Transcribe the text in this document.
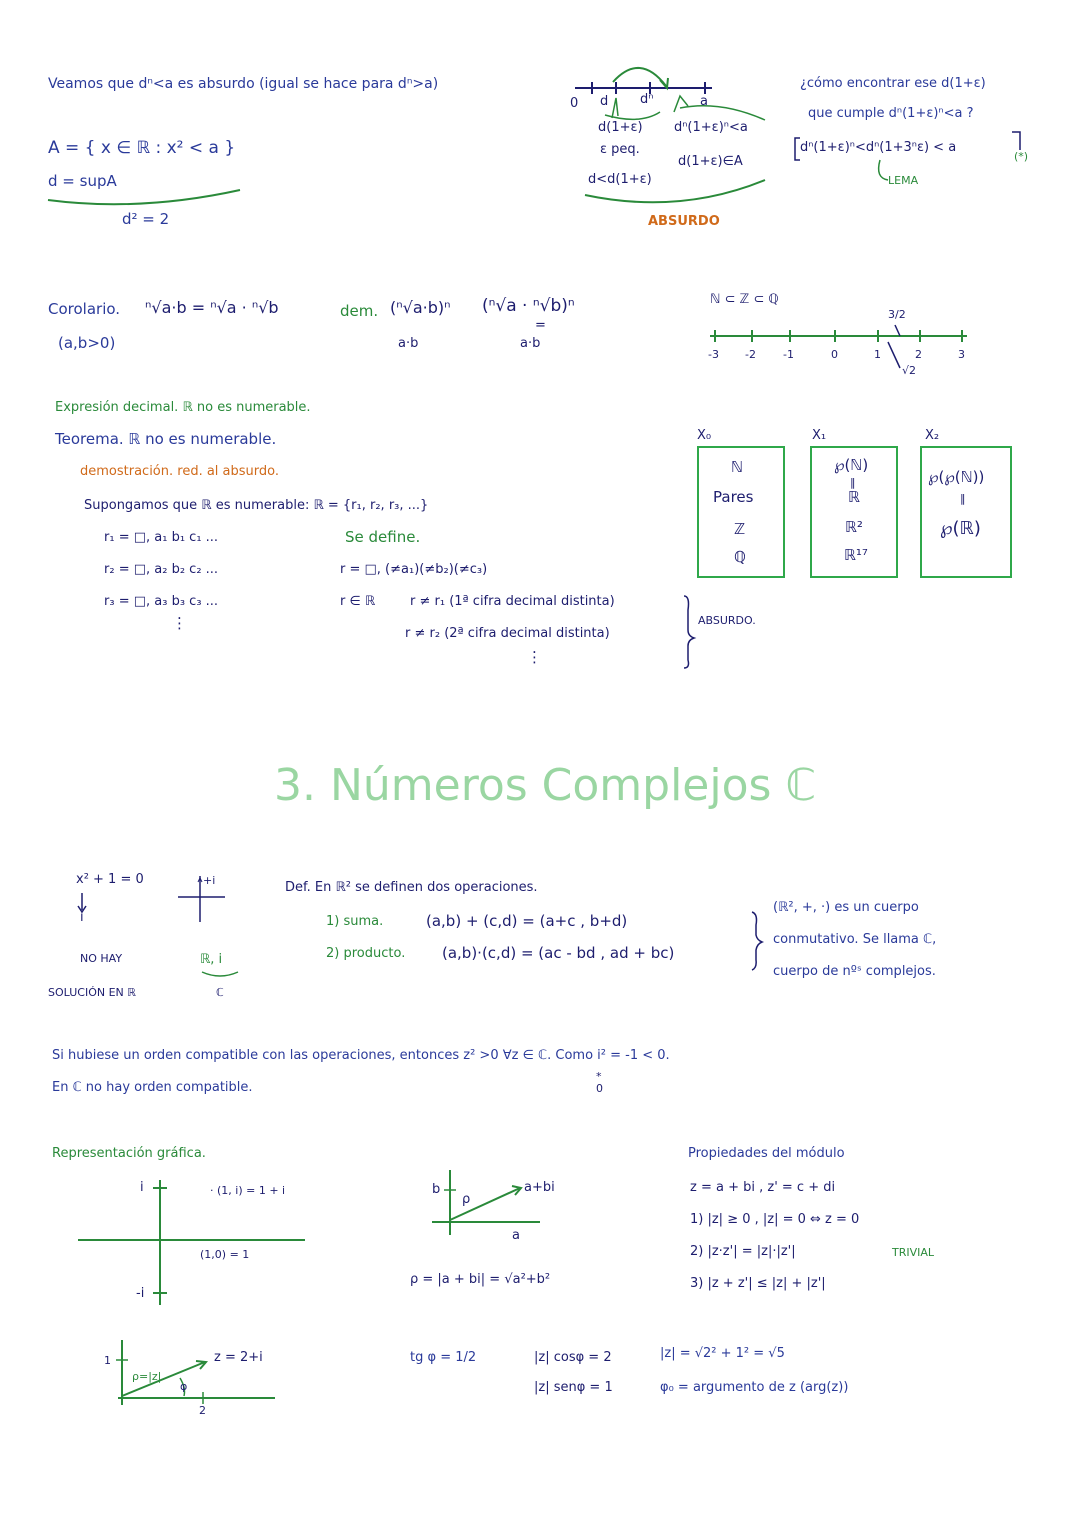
Veamos que dⁿ<a es absurdo (igual se hace para dⁿ>a)
A = { x ∈ ℝ : x² < a }
d = supA
d² = 2
0 d dⁿ	a
d(1+ε)
ε peq.
d<d(1+ε)
dⁿ(1+ε)ⁿ<a
d(1+ε)∈A
ABSURDO
¿cómo encontrar ese d(1+ε)
que cumple dⁿ(1+ε)ⁿ<a ?
dⁿ(1+ε)ⁿ<dⁿ(1+3ⁿε) < a
(*)
LEMA
Corolario. ⁿ√a·b = ⁿ√a · ⁿ√b
(a,b>0)
dem. (ⁿ√a·b)ⁿ
a·b
(ⁿ√a · ⁿ√b)ⁿ
=
a·b
ℕ ⊂ ℤ ⊂ ℚ
3/2
-3 -2 -1	0	1	2	3
√2
Expresión decimal. ℝ no es numerable.
Teorema. ℝ no es numerable.
demostración. red. al absurdo.
Supongamos que ℝ es numerable: ℝ = {r₁, r₂, r₃, ...}
r₁ = □, a₁ b₁ c₁ ...
r₂ = □, a₂ b₂ c₂ ...
r₃ = □, a₃ b₃ c₃ ...
⋮
Se define.
r = □, (≠a₁)(≠b₂)(≠c₃)
r ∈ ℝ	r ≠ r₁ (1ª cifra decimal distinta)
r ≠ r₂ (2ª cifra decimal distinta)
⋮
ABSURDO.
X₀
ℕ
Pares
ℤ
ℚ
X₁
℘(ℕ)
‖
ℝ
ℝ²
ℝ¹⁷
X₂
℘(℘(ℕ))
‖
℘(ℝ)
3. Números Complejos ℂ
x² + 1 = 0
i
NO HAY
SOLUCIÓN EN ℝ
+i
ℝ, i
ℂ
Def. En ℝ² se definen dos operaciones.
1) suma.	(a,b) + (c,d) = (a+c , b+d)
2) producto. (a,b)·(c,d) = (ac - bd , ad + bc)
(ℝ², +, ·) es un cuerpo
conmutativo. Se llama ℂ,
cuerpo de nºˢ complejos.
Si hubiese un orden compatible con las operaciones, entonces z² >0 ∀z ∈ ℂ. Como i² = -1 < 0.
*
0
En ℂ no hay orden compatible.
Representación gráfica.
i
-i
· (1, i) = 1 + i
(1,0) = 1
b
ρ
a+bi
a
ρ = |a + bi| = √a²+b²
1
ρ=|z|
φ
2
z = 2+i	tg φ = 1/2	|z| cosφ = 2
|z| senφ = 1
|z| = √2² + 1² = √5
φ₀ = argumento de z (arg(z))
Propiedades del módulo
z = a + bi , z' = c + di
1) |z| ≥ 0 , |z| = 0 ⇔ z = 0
2) |z·z'| = |z|·|z'|	TRIVIAL
3) |z + z'| ≤ |z| + |z'|
